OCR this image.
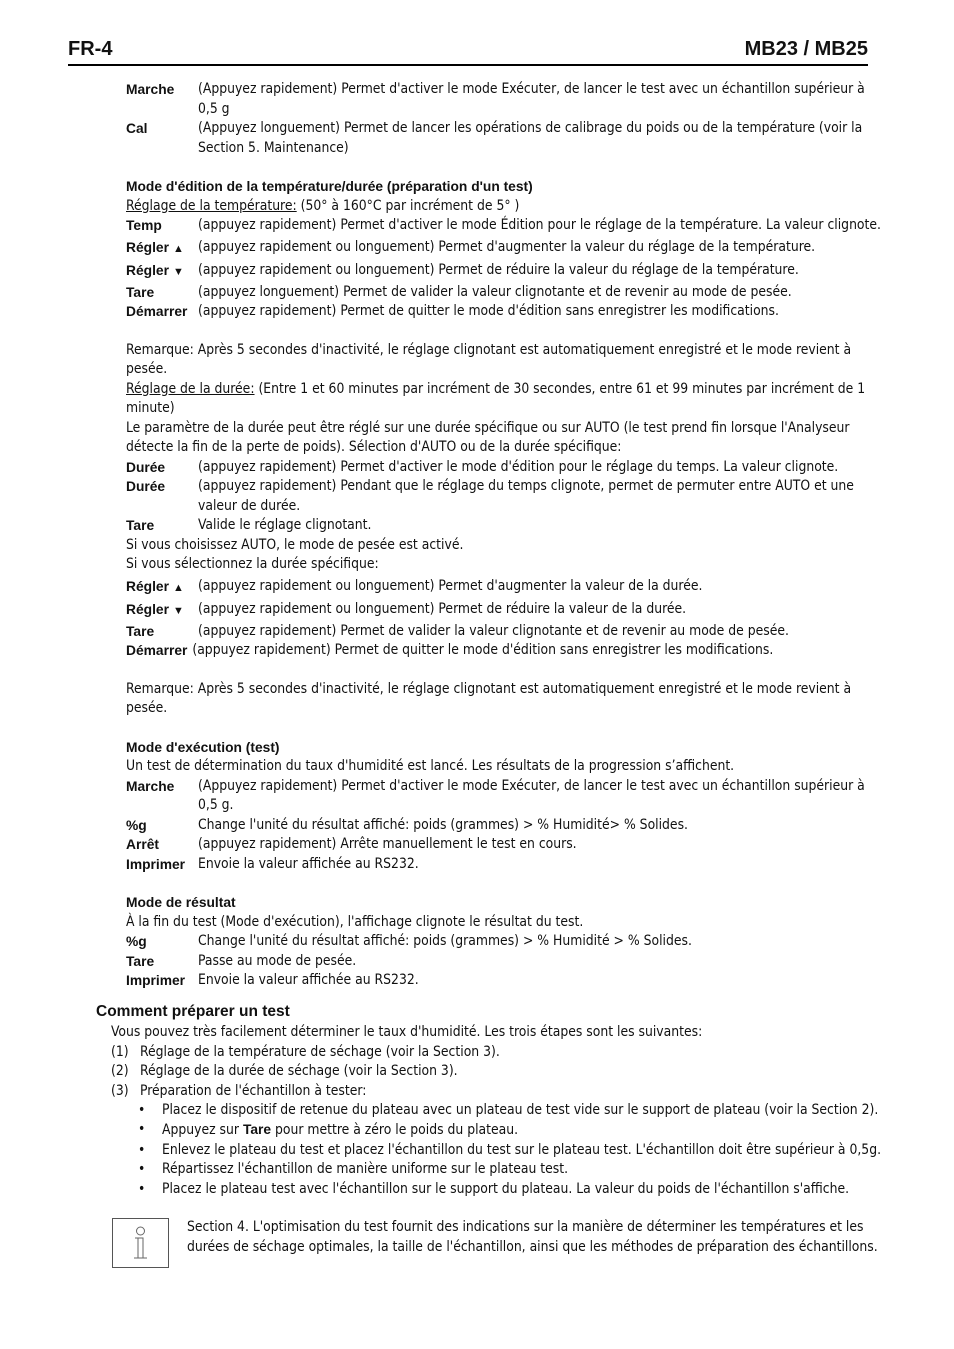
FR-4	MB23 / MB25
Marche	(Appuyez rapidement) Permet d'activer le mode Exécuter, de lancer le test avec un échantillon supérieur à 0,5 g
Cal	(Appuyez longuement) Permet de lancer les opérations de calibrage du poids ou de la température (voir la Section 5. Maintenance)
Mode d'édition de la température/durée (préparation d'un test)
Réglage de la température: (50° à 160°C par incrément de 5° )
Temp	(appuyez rapidement) Permet d'activer le mode Édition pour le réglage de la température. La valeur clignote.
Régler ▲	(appuyez rapidement ou longuement) Permet d'augmenter la valeur du réglage de la température.
Régler ▼	(appuyez rapidement ou longuement) Permet de réduire la valeur du réglage de la température.
Tare	(appuyez longuement) Permet de valider la valeur clignotante et de revenir au mode de pesée.
Démarrer (appuyez rapidement) Permet de quitter le mode d'édition sans enregistrer les modifications.
Remarque: Après 5 secondes d'inactivité, le réglage clignotant est automatiquement enregistré et le mode revient à pesée.
Réglage de la durée: (Entre 1 et 60 minutes par incrément de 30 secondes, entre 61 et 99 minutes par incrément de 1 minute)
Le paramètre de la durée peut être réglé sur une durée spécifique ou sur AUTO (le test prend fin lorsque l'Analyseur détecte la fin de la perte de poids). Sélection d'AUTO ou de la durée spécifique:
Durée	(appuyez rapidement) Permet d'activer le mode d'édition pour le réglage du temps. La valeur clignote.
Durée	(appuyez rapidement) Pendant que le réglage du temps clignote, permet de permuter entre AUTO et une valeur de durée.
Tare	Valide le réglage clignotant.
Si vous choisissez AUTO, le mode de pesée est activé.
Si vous sélectionnez la durée spécifique:
Régler ▲	(appuyez rapidement ou longuement) Permet d'augmenter la valeur de la durée.
Régler ▼	(appuyez rapidement ou longuement) Permet de réduire la valeur de la durée.
Tare	(appuyez rapidement) Permet de valider la valeur clignotante et de revenir au mode de pesée.
Démarrer (appuyez rapidement) Permet de quitter le mode d'édition sans enregistrer les modifications.
Remarque: Après 5 secondes d'inactivité, le réglage clignotant est automatiquement enregistré et le mode revient à pesée.
Mode d'exécution (test)
Un test de détermination du taux d'humidité est lancé. Les résultats de la progression s’affichent.
Marche	(Appuyez rapidement) Permet d'activer le mode Exécuter, de lancer le test avec un échantillon supérieur à 0,5 g.
%g	Change l'unité du résultat affiché: poids (grammes) > % Humidité> % Solides.
Arrêt	(appuyez rapidement) Arrête manuellement le test en cours.
Imprimer Envoie la valeur affichée au RS232.
Mode de résultat
À la fin du test (Mode d'exécution), l'affichage clignote le résultat du test.
%g	Change l'unité du résultat affiché: poids (grammes) > % Humidité > % Solides.
Tare	Passe au mode de pesée.
Imprimer Envoie la valeur affichée au RS232.
Comment préparer un test
Vous pouvez très facilement déterminer le taux d'humidité. Les trois étapes sont les suivantes:
(1) Réglage de la température de séchage (voir la Section 3).
(2) Réglage de la durée de séchage (voir la Section 3).
(3) Préparation de l'échantillon à tester:
• Placez le dispositif de retenue du plateau avec un plateau de test vide sur le support de plateau (voir la Section 2).
• Appuyez sur Tare pour mettre à zéro le poids du plateau.
• Enlevez le plateau du test et placez l'échantillon du test sur le plateau test. L'échantillon doit être supérieur à 0,5g.
• Répartissez l'échantillon de manière uniforme sur le plateau test.
• Placez le plateau test avec l'échantillon sur le support du plateau. La valeur du poids de l'échantillon s'affiche.
Section 4. L'optimisation du test fournit des indications sur la manière de déterminer les températures et les durées de séchage optimales, la taille de l'échantillon, ainsi que les méthodes de préparation des échantillons.
